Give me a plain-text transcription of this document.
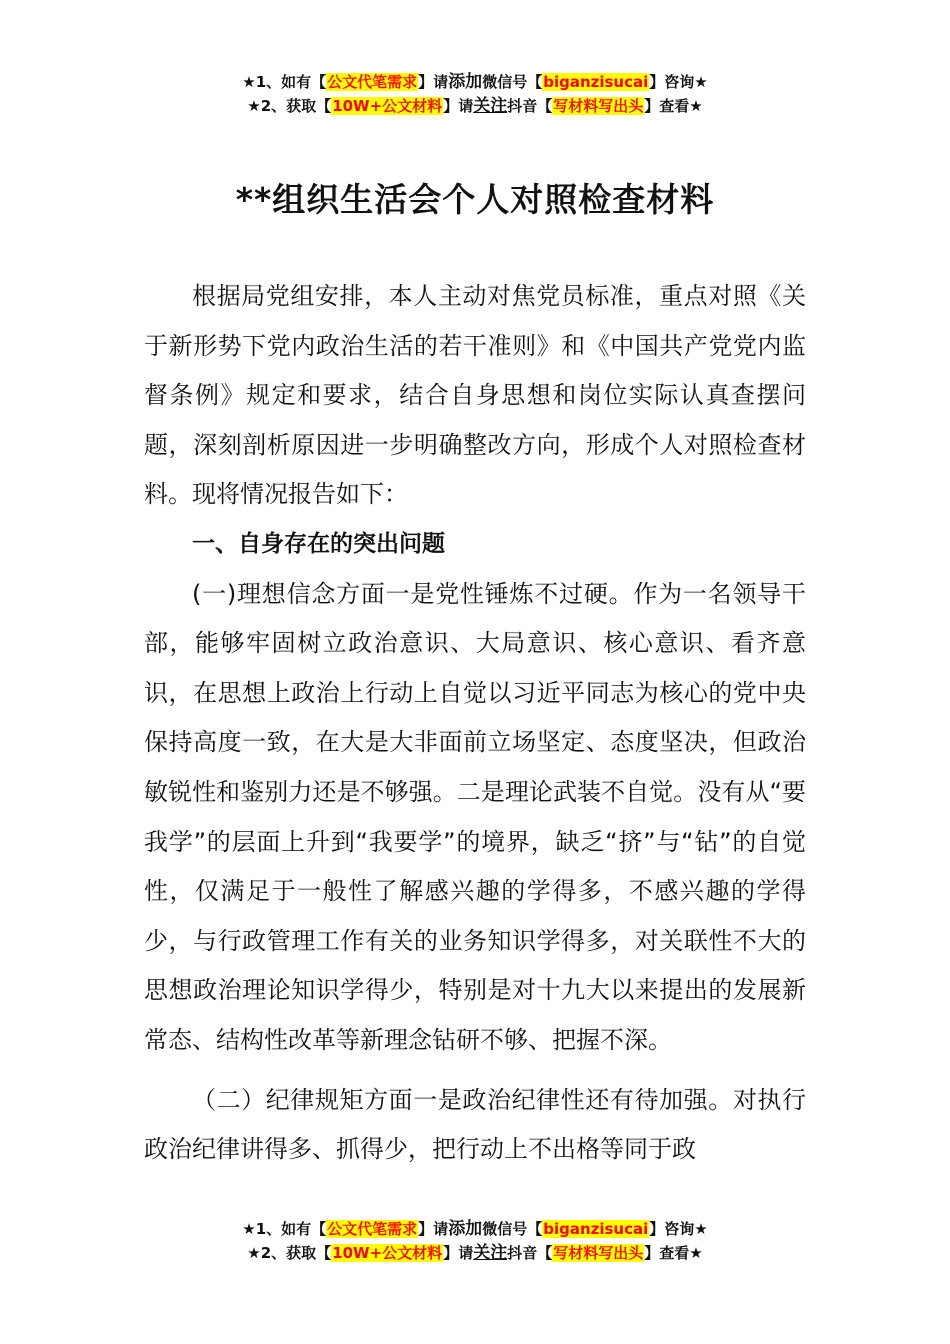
★1、如有【公文代笔需求】请添加微信号【biganzisucai】咨询★
★2、获取【10W+公文材料】请关注抖音【写材料写出头】查看★
**组织生活会个人对照检查材料

根据局党组安排，本人主动对焦党员标准，重点对照《关于新形势下党内政治生活的若干准则》和《中国共产党党内监督条例》规定和要求，结合自身思想和岗位实际认真查摆问题，深刻剖析原因进一步明确整改方向，形成个人对照检查材料。现将情况报告如下：

一、自身存在的突出问题

(一)理想信念方面一是党性锤炼不过硬。作为一名领导干部，能够牢固树立政治意识、大局意识、核心意识、看齐意识，在思想上政治上行动上自觉以习近平同志为核心的党中央保持高度一致，在大是大非面前立场坚定、态度坚决，但政治敏锐性和鉴别力还是不够强。二是理论武装不自觉。没有从“要我学”的层面上升到“我要学”的境界，缺乏“挤”与“钻”的自觉性，仅满足于一般性了解感兴趣的学得多，不感兴趣的学得少，与行政管理工作有关的业务知识学得多，对关联性不大的思想政治理论知识学得少，特别是对十九大以来提出的发展新常态、结构性改革等新理念钻研不够、把握不深。

（二）纪律规矩方面一是政治纪律性还有待加强。对执行政治纪律讲得多、抓得少，把行动上不出格等同于政

★1、如有【公文代笔需求】请添加微信号【biganzisucai】咨询★
★2、获取【10W+公文材料】请关注抖音【写材料写出头】查看★
